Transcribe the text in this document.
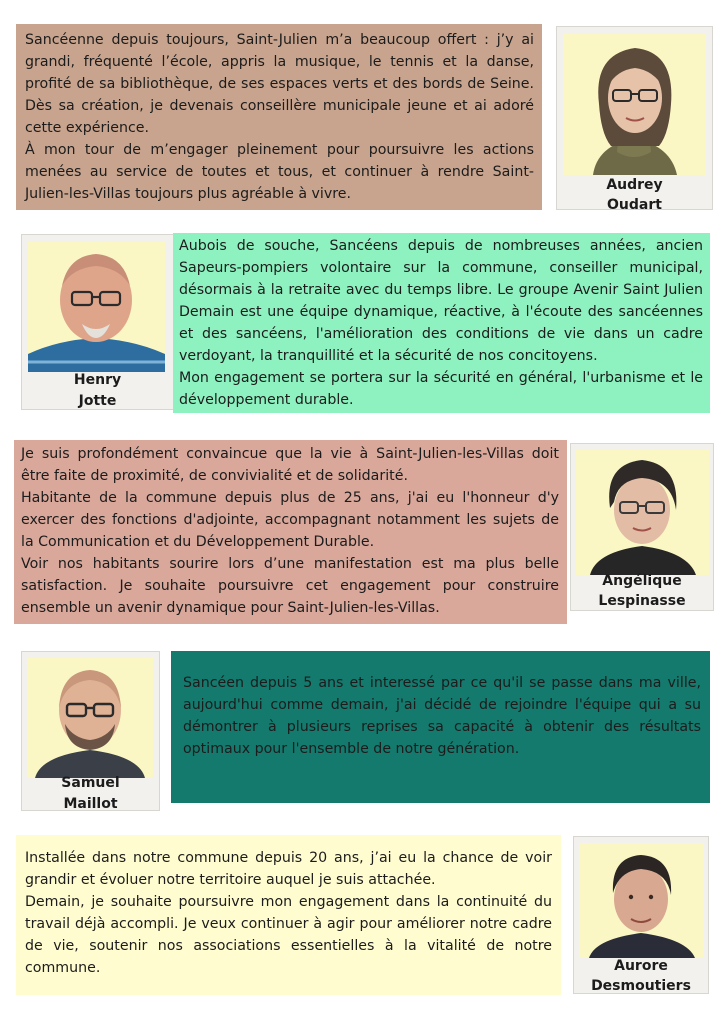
Sancéenne depuis toujours, Saint-Julien m’a beaucoup offert : j’y ai grandi, fréquenté l’école, appris la musique, le tennis et la danse, profité de sa bibliothèque, de ses espaces verts et des bords de Seine. Dès sa création, je devenais conseillère municipale jeune et ai adoré cette expérience.

À mon tour de m’engager pleinement pour poursuivre les actions menées au service de toutes et tous, et continuer à rendre Saint-Julien-les-Villas toujours plus agréable à vivre.

Audrey
Oudart
Henry
Jotte

Aubois de souche, Sancéens depuis de nombreuses années, ancien Sapeurs-pompiers volontaire sur la commune, conseiller municipal, désormais à la retraite avec du temps libre. Le groupe Avenir Saint Julien Demain est une équipe dynamique, réactive, à l'écoute des sancéennes et des sancéens, l'amélioration des conditions de vie dans un cadre verdoyant, la tranquillité et la sécurité de nos concitoyens.

Mon engagement se portera sur la sécurité en général, l'urbanisme et le développement durable.

Je suis profondément convaincue que la vie à Saint-Julien-les-Villas doit être faite de proximité, de convivialité et de solidarité.

Habitante de la commune depuis plus de 25 ans, j'ai eu l'honneur d'y exercer des fonctions d'adjointe, accompagnant notamment les sujets de la Communication et du Développement Durable.

Voir nos habitants sourire lors d’une manifestation est ma plus belle satisfaction. Je souhaite poursuivre cet engagement pour construire ensemble un avenir dynamique pour Saint-Julien-les-Villas.

Angélique
Lespinasse
Samuel
Maillot

Sancéen depuis 5 ans et interessé par ce qu'il se passe dans ma ville, aujourd'hui comme demain, j'ai décidé de rejoindre l'équipe qui a su démontrer à plusieurs reprises sa capacité à obtenir des résultats optimaux pour l'ensemble de notre génération.

Installée dans notre commune depuis 20 ans, j’ai eu la chance de voir grandir et évoluer notre territoire auquel je suis attachée.

Demain, je souhaite poursuivre mon engagement dans la continuité du travail déjà accompli. Je veux continuer à agir pour améliorer notre cadre de vie, soutenir nos associations essentielles à la vitalité de notre commune.	Aurore
Desmoutiers
